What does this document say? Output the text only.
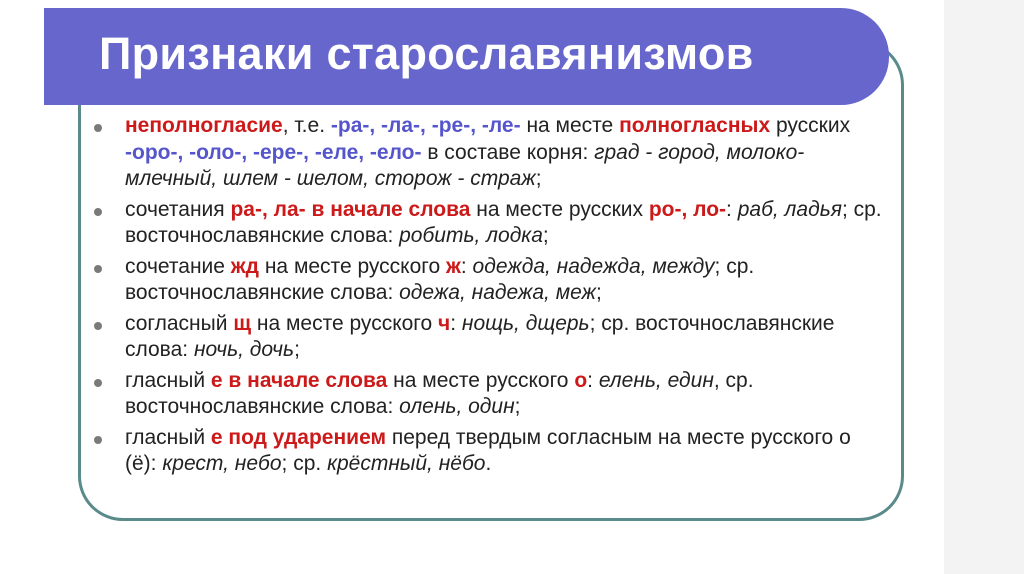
Признаки старославянизмов
неполногласие, т.е. -ра-, -ла-, -ре-, -ле- на месте полногласных русских -оро-, -оло-, -ере-, -еле, -ело- в составе корня: град - город, молоко-млечный, шлем - шелом, сторож - страж;
сочетания ра-, ла- в начале слова на месте русских ро-, ло-: раб, ладья; ср. восточнославянские слова: робить, лодка;
сочетание жд на месте русского ж: одежда, надежда, между; ср. восточнославянские слова: одежа, надежа, меж;
согласный щ на месте русского ч: нощь, дщерь; ср. восточнославянские слова: ночь, дочь;
гласный е в начале слова на месте русского о: елень, един, ср. восточнославянские слова: олень, один;
гласный е под ударением перед твердым согласным на месте русского о (ё): крест, небо; ср. крёстный, нёбо.
